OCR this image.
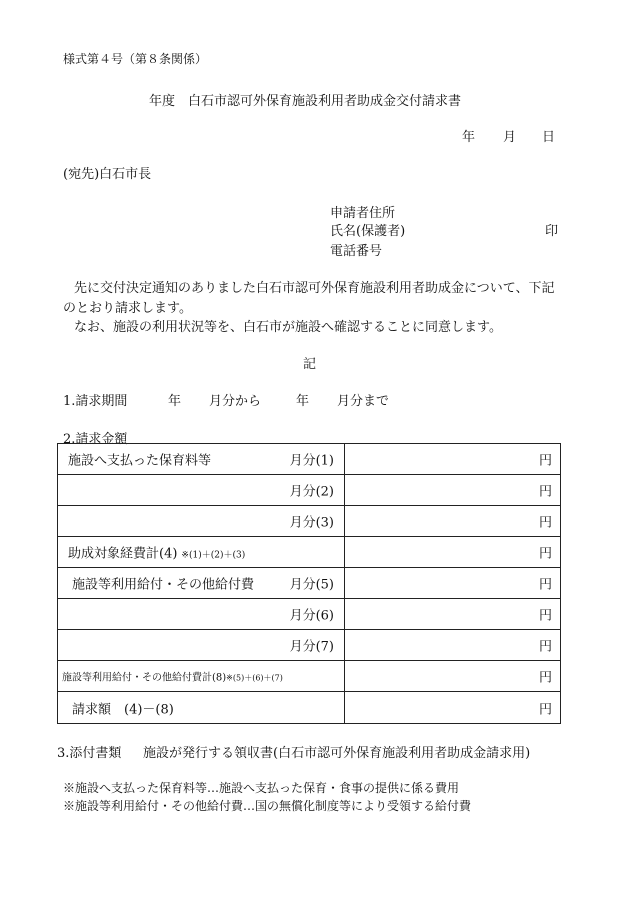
様式第４号（第８条関係）
年度　白石市認可外保育施設利用者助成金交付請求書
年 月 日
(宛先)白石市長
申請者住所
氏名(保護者)	印
電話番号
先に交付決定通知のありました白石市認可外保育施設利用者助成金について、下記
のとおり請求します。
なお、施設の利用状況等を、白石市が施設へ確認することに同意します。
記
1.請求期間	年 月分から	年 月分まで
2.請求金額
施設へ支払った保育料等 月分(1)	円

月分(2)	円

月分(3)	円

助成対象経費計(4) ※(1)＋(2)＋(3)	円

施設等利用給付・その他給付費 月分(5)	円

月分(6)	円

月分(7)	円

施設等利用給付・その他給付費計(8)※(5)＋(6)＋(7)	円

請求額　(4)－(8)	円
3.添付書類 施設が発行する領収書(白石市認可外保育施設利用者助成金請求用)
※施設へ支払った保育料等…施設へ支払った保育・食事の提供に係る費用
※施設等利用給付・その他給付費…国の無償化制度等により受領する給付費
